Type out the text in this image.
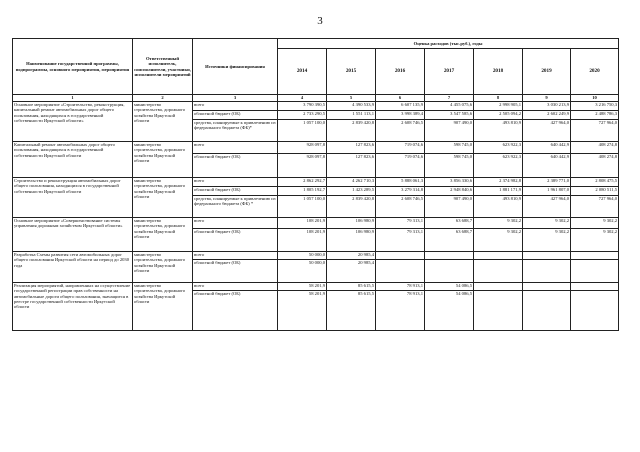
3
Наименование государственной программы, подпрограммы, основного мероприятия, мероприятия	Ответственный исполнитель, соисполнители, участники, исполнители мероприятий	Источники финансирования	Оценка расходов (тыс.руб.), годы						
			2014	2015	2016	2017	2018	2019	2020
1	2	3	4	5	6	7	8	9	10
Основное мероприятие «Строительство, реконструкция, капитальный ремонт автомобильных дорог общего пользования, находящихся в государственной собственности Иркутской области»	министерство строительства, дорожного хозяйства Иркутской области	всего	3 790 390,5	4 390 533,9	6 607 135,9	4 455 075,6	2 998 905,1	3 030 213,9	3 216 750,3
		областной бюджет (ОБ)	2 733 290,5	1 551 113,1	3 998 389,4	3 547 585,6	2 505 094,2	2 602 249,9	2 488 786,3
		средства, планируемые к привлечению из федерального бюджета (ФБ)*	1 057 100,0	2 839 420,8	2 608 746,5	907 490,0	493 810,9	427 964,0	727 964,0
Капитальный ремонт автомобильных дорог общего пользования, находящихся в государственной собственности Иркутской области	министерство строительства, дорожного хозяйства Иркутской области	всего	928 097,8	127 823,6	719 074,6	598 745,0	623 922,3	640 442,9	408 274,8
		областной бюджет (ОБ)	928 097,8	127 823,6	719 074,6	598 745,0	623 922,3	640 442,9	408 274,8
Строительство и реконструкция автомобильных дорог общего пользования, находящихся в государственной собственности Иркутской области	министерство строительства, дорожного хозяйства Иркутской области	всего	2 862 292,7	4 262 710,3	5 888 061,3	3 856 330,6	2 374 982,8	2 389 771,0	2 808 475,5
		областной бюджет (ОБ)	1 805 192,7	1 423 289,5	3 279 314,8	2 948 840,6	1 881 171,9	1 961 807,0	2 080 511,5
		средства, планируемые к привлечению из федерального бюджета (ФБ) *	1 057 100,0	2 839 420,8	2 608 746,5	907 490,0	493 810,9	427 964,0	727 964,0
Основное мероприятие «Совершенствование системы управления дорожным хозяйством Иркутской области»	министерство строительства, дорожного хозяйства Иркутской области	всего	108 201,9	106 980,9	79 313,1	63 688,7	9 302,2	9 302,2	9 302,2
		областной бюджет (ОБ)	108 201,9	106 980,9	79 313,1	63 688,7	9 302,2	9 302,2	9 302,2
Разработка Схемы развития сети автомобильных дорог общего пользования Иркутской области на период до 2030 года	министерство строительства, дорожного хозяйства Иркутской области	всего	50 000,0	20 985,4					
		областной бюджет (ОБ)	50 000,0	20 985,4					
Реализация мероприятий, направленных на осуществление государственной регистрации прав собственности на автомобильные дороги общего пользования, значащиеся в реестре государственной собственности Иркутской области	министерство строительства, дорожного хозяйства Иркутской области	всего	58 201,9	85 615,5	78 913,1	54 086,5			
		областной бюджет (ОБ)	58 201,9	85 615,5	78 913,1	54 086,5			
